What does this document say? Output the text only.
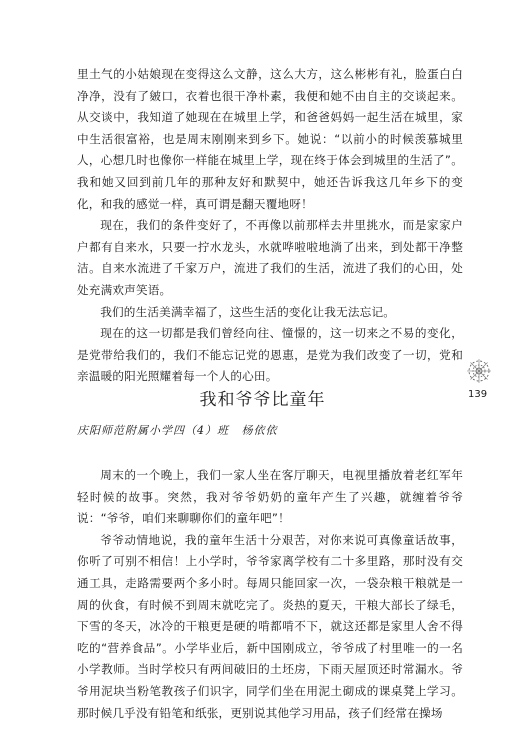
里土气的小姑娘现在变得这么文静，这么大方，这么彬彬有礼，脸蛋白白净净，没有了皴口，衣着也很干净朴素，我便和她不由自主的交谈起来。从交谈中，我知道了她现在在城里上学，和爸爸妈妈一起生活在城里，家中生活很富裕，也是周末刚刚来到乡下。她说：“以前小的时候羡慕城里人，心想几时也像你一样能在城里上学，现在终于体会到城里的生活了”。我和她又回到前几年的那种友好和默契中，她还告诉我这几年乡下的变化，和我的感觉一样，真可谓是翻天覆地呀！

现在，我们的条件变好了，不再像以前那样去井里挑水，而是家家户户都有自来水，只要一拧水龙头，水就哗啦啦地淌了出来，到处都干净整洁。自来水流进了千家万户，流进了我们的生活，流进了我们的心田，处处充满欢声笑语。

我们的生活美满幸福了，这些生活的变化让我无法忘记。

现在的这一切都是我们曾经向往、憧憬的，这一切来之不易的变化，是党带给我们的，我们不能忘记党的恩惠，是党为我们改变了一切，党和亲温暖的阳光照耀着每一个人的心田。

139
我和爷爷比童年
庆阳师范附属小学四（4）班 杨依依

周末的一个晚上，我们一家人坐在客厅聊天，电视里播放着老红军年轻时候的故事。突然，我对爷爷奶奶的童年产生了兴趣，就缠着爷爷说：“爷爷，咱们来聊聊你们的童年吧”！

爷爷动情地说，我的童年生活十分艰苦，对你来说可真像童话故事，你听了可别不相信！上小学时，爷爷家离学校有二十多里路，那时没有交通工具，走路需要两个多小时。每周只能回家一次，一袋杂粮干粮就是一周的伙食，有时候不到周末就吃完了。炎热的夏天，干粮大部长了绿毛，下雪的冬天，冰冷的干粮更是硬的啃都啃不下，就这还都是家里人舍不得吃的“营养食品”。小学毕业后，新中国刚成立，爷爷成了村里唯一的一名小学教师。当时学校只有两间破旧的土坯房，下雨天屋顶还时常漏水。爷爷用泥块当粉笔教孩子们识字，同学们坐在用泥土砌成的课桌凳上学习。那时候几乎没有铅笔和纸张，更别说其他学习用品，孩子们经常在操场
